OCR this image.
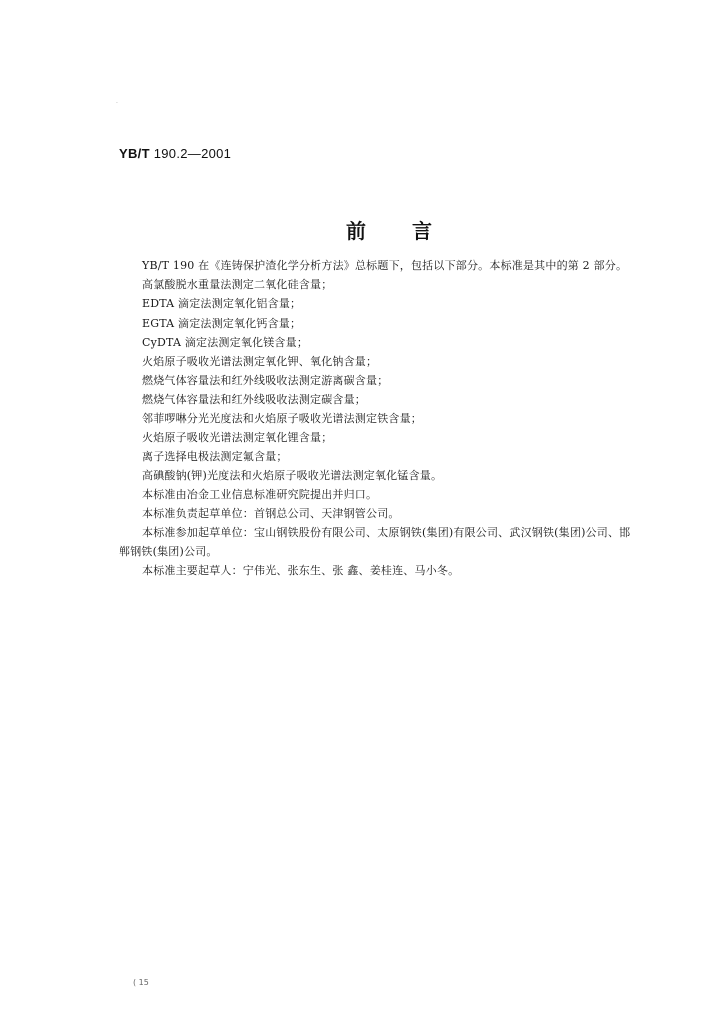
·
YB/T 190.2—2001
前 言
YB/T 190 在《连铸保护渣化学分析方法》总标题下，包括以下部分。本标准是其中的第 2 部分。
高氯酸脱水重量法测定二氧化硅含量；
EDTA 滴定法测定氧化铝含量；
EGTA 滴定法测定氧化钙含量；
CyDTA 滴定法测定氧化镁含量；
火焰原子吸收光谱法测定氧化钾、氧化钠含量；
燃烧气体容量法和红外线吸收法测定游离碳含量；
燃烧气体容量法和红外线吸收法测定碳含量；
邻菲啰啉分光光度法和火焰原子吸收光谱法测定铁含量；
火焰原子吸收光谱法测定氧化锂含量；
离子选择电极法测定氟含量；
高碘酸钠(钾)光度法和火焰原子吸收光谱法测定氧化锰含量。
本标准由冶金工业信息标准研究院提出并归口。
本标准负责起草单位：首钢总公司、天津钢管公司。
本标准参加起草单位：宝山钢铁股份有限公司、太原钢铁(集团)有限公司、武汉钢铁(集团)公司、邯
郸钢铁(集团)公司。
本标准主要起草人：宁伟光、张东生、张 鑫、姜桂连、马小冬。
( 15
